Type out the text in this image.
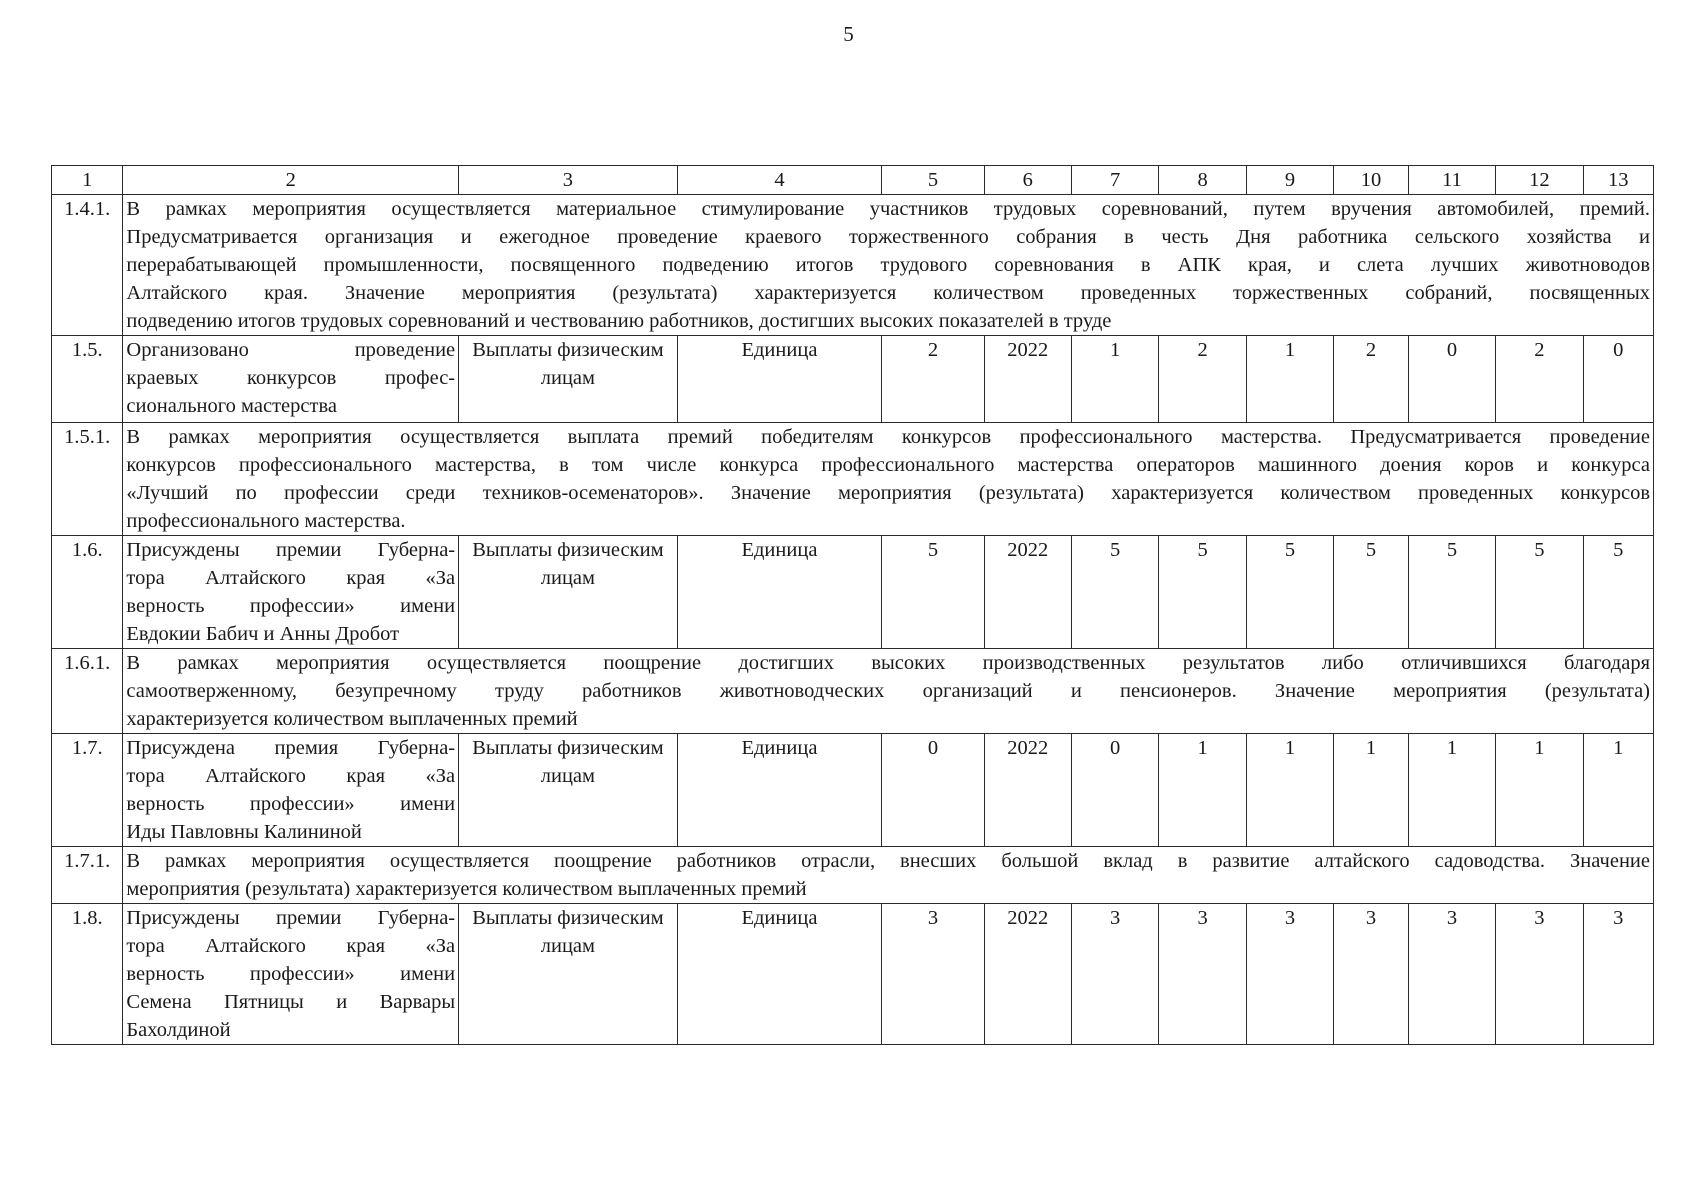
5
1	2	3	4	5	6	7	8	9	10	11	12	13
1.4.1.	В рамках мероприятия осуществляется материальное стимулирование участников трудовых соревнований, путем вручения автомобилей, премий.
Предусматривается организация и ежегодное проведение краевого торжественного собрания в честь Дня работника сельского хозяйства и
перерабатывающей промышленности, посвященного подведению итогов трудового соревнования в АПК края, и слета лучших животноводов
Алтайского края. Значение мероприятия (результата) характеризуется количеством проведенных торжественных собраний, посвященных
подведению итогов трудовых соревнований и чествованию работников, достигших высоких показателей в труде											

1.5.	Организовано проведение
краевых конкурсов профес-
сионального мастерства	Выплаты физическим лицам	Единица	2	2022	1	2	1	2	0	2	0
1.5.1.	В рамках мероприятия осуществляется выплата премий победителям конкурсов профессионального мастерства. Предусматривается проведение
конкурсов профессионального мастерства, в том числе конкурса профессионального мастерства операторов машинного доения коров и конкурса
«Лучший по профессии среди техников-осеменаторов». Значение мероприятия (результата) характеризуется количеством проведенных конкурсов
профессионального мастерства.											

1.6.	Присуждены премии Губерна-
тора Алтайского края «За
верность профессии» имени
Евдокии Бабич и Анны Дробот	Выплаты физическим лицам	Единица	5	2022	5	5	5	5	5	5	5
1.6.1.	В рамках мероприятия осуществляется поощрение достигших высоких производственных результатов либо отличившихся благодаря
самоотверженному, безупречному труду работников животноводческих организаций и пенсионеров. Значение мероприятия (результата)
характеризуется количеством выплаченных премий											

1.7.	Присуждена премия Губерна-
тора Алтайского края «За
верность профессии» имени
Иды Павловны Калининой	Выплаты физическим лицам	Единица	0	2022	0	1	1	1	1	1	1
1.7.1.	В рамках мероприятия осуществляется поощрение работников отрасли, внесших большой вклад в развитие алтайского садоводства. Значение
мероприятия (результата) характеризуется количеством выплаченных премий											

1.8.	Присуждены премии Губерна-
тора Алтайского края «За
верность профессии» имени
Семена Пятницы и Варвары
Бахолдиной	Выплаты физическим лицам	Единица	3	2022	3	3	3	3	3	3	3
